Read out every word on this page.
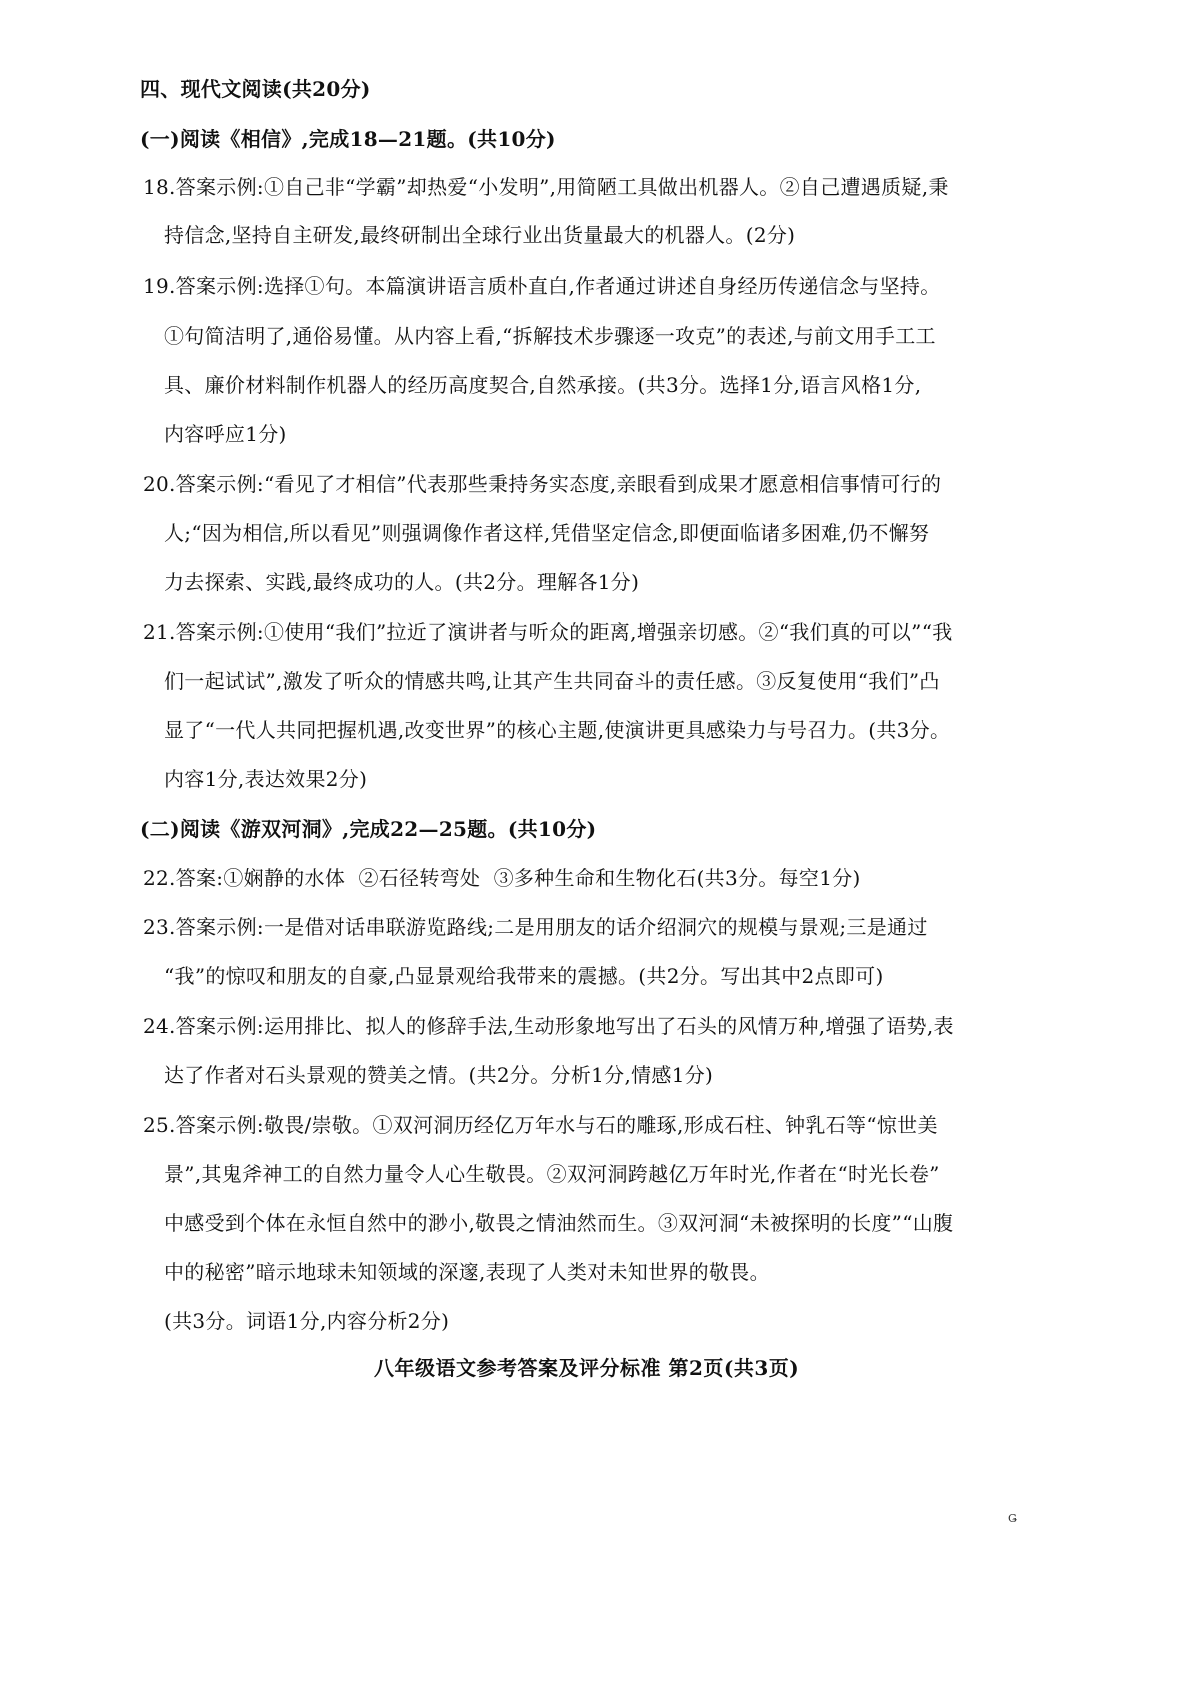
四、现代文阅读(共20分)
(一)阅读《相信》,完成18—21题。(共10分)
18.答案示例:①自己非“学霸”却热爱“小发明”,用简陋工具做出机器人。②自己遭遇质疑,秉
持信念,坚持自主研发,最终研制出全球行业出货量最大的机器人。(2分)
19.答案示例:选择①句。本篇演讲语言质朴直白,作者通过讲述自身经历传递信念与坚持。
①句简洁明了,通俗易懂。从内容上看,“拆解技术步骤逐一攻克”的表述,与前文用手工工
具、廉价材料制作机器人的经历高度契合,自然承接。(共3分。选择1分,语言风格1分,
内容呼应1分)
20.答案示例:“看见了才相信”代表那些秉持务实态度,亲眼看到成果才愿意相信事情可行的
人;“因为相信,所以看见”则强调像作者这样,凭借坚定信念,即便面临诸多困难,仍不懈努
力去探索、实践,最终成功的人。(共2分。理解各1分)
21.答案示例:①使用“我们”拉近了演讲者与听众的距离,增强亲切感。②“我们真的可以”“我
们一起试试”,激发了听众的情感共鸣,让其产生共同奋斗的责任感。③反复使用“我们”凸
显了“一代人共同把握机遇,改变世界”的核心主题,使演讲更具感染力与号召力。(共3分。
内容1分,表达效果2分)
(二)阅读《游双河洞》,完成22—25题。(共10分)
22.答案:①娴静的水体  ②石径转弯处  ③多种生命和生物化石(共3分。每空1分)
23.答案示例:一是借对话串联游览路线;二是用朋友的话介绍洞穴的规模与景观;三是通过
“我”的惊叹和朋友的自豪,凸显景观给我带来的震撼。(共2分。写出其中2点即可)
24.答案示例:运用排比、拟人的修辞手法,生动形象地写出了石头的风情万种,增强了语势,表
达了作者对石头景观的赞美之情。(共2分。分析1分,情感1分)
25.答案示例:敬畏/崇敬。①双河洞历经亿万年水与石的雕琢,形成石柱、钟乳石等“惊世美
景”,其鬼斧神工的自然力量令人心生敬畏。②双河洞跨越亿万年时光,作者在“时光长卷”
中感受到个体在永恒自然中的渺小,敬畏之情油然而生。③双河洞“未被探明的长度”“山腹
中的秘密”暗示地球未知领域的深邃,表现了人类对未知世界的敬畏。
(共3分。词语1分,内容分析2分)
八年级语文参考答案及评分标准 第2页(共3页)
Ǥ
